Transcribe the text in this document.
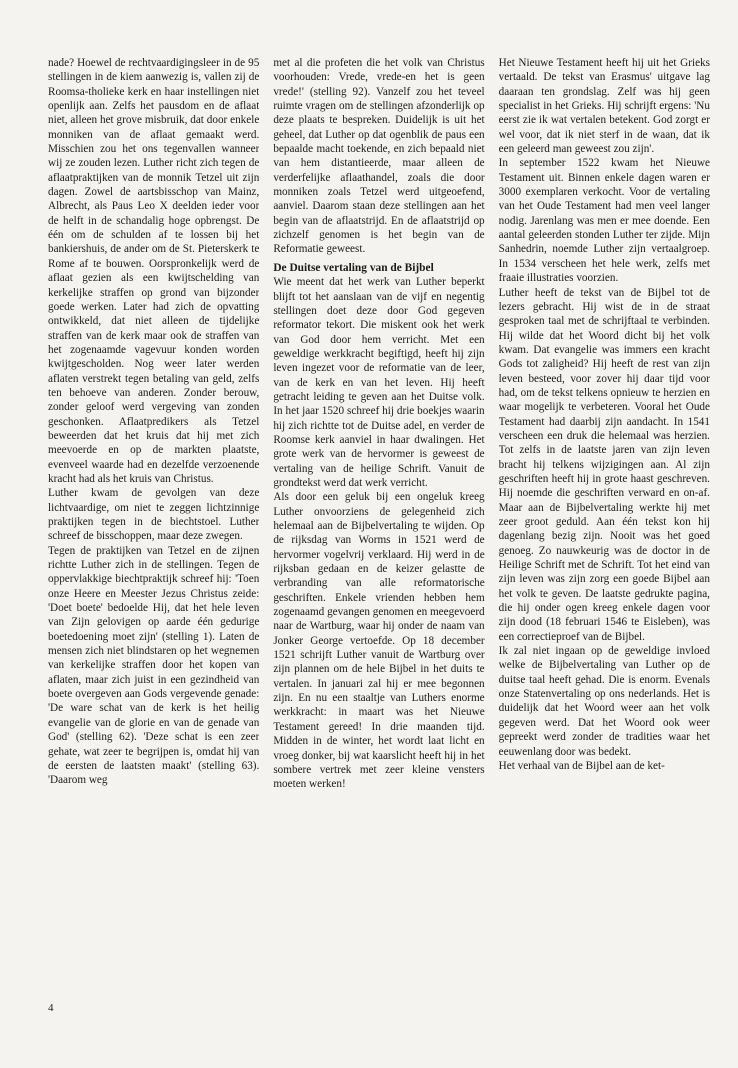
nade? Hoewel de rechtvaardigingsleer in de 95 stellingen in de kiem aanwezig is, vallen zij de Roomsa-tholieke kerk en haar instellingen niet openlijk aan. Zelfs het pausdom en de aflaat niet, alleen het grove misbruik, dat door enkele monniken van de aflaat gemaakt werd. Misschien zou het ons tegenvallen wanneer wij ze zouden lezen. Luther richt zich tegen de aflaatpraktijken van de monnik Tetzel uit zijn dagen. Zowel de aartsbisschop van Mainz, Albrecht, als Paus Leo X deelden ieder voor de helft in de schandalig hoge opbrengst. De één om de schulden af te lossen bij het bankiershuis, de ander om de St. Pieterskerk te Rome af te bouwen. Oorspronkelijk werd de aflaat gezien als een kwijtschelding van kerkelijke straffen op grond van bijzonder goede werken. Later had zich de opvatting ontwikkeld, dat niet alleen de tijdelijke straffen van de kerk maar ook de straffen van het zogenaamde vagevuur konden worden kwijtgescholden. Nog weer later werden aflaten verstrekt tegen betaling van geld, zelfs ten behoeve van anderen. Zonder berouw, zonder geloof werd vergeving van zonden geschonken. Aflaatpredikers als Tetzel beweerden dat het kruis dat hij met zich meevoerde en op de markten plaatste, evenveel waarde had en dezelfde verzoenende kracht had als het kruis van Christus.

Luther kwam de gevolgen van deze lichtvaardige, om niet te zeggen lichtzinnige praktijken tegen in de biechtstoel. Luther schreef de bisschoppen, maar deze zwegen.

Tegen de praktijken van Tetzel en de zijnen richtte Luther zich in de stellingen. Tegen de oppervlakkige biechtpraktijk schreef hij: 'Toen onze Heere en Meester Jezus Christus zeide: 'Doet boete' bedoelde Hij, dat het hele leven van Zijn gelovigen op aarde één gedurige boetedoening moet zijn' (stelling 1). Laten de mensen zich niet blindstaren op het wegnemen van kerkelijke straffen door het kopen van aflaten, maar zich juist in een gezindheid van boete overgeven aan Gods vergevende genade: 'De ware schat van de kerk is het heilig evangelie van de glorie en van de genade van God' (stelling 62). 'Deze schat is een zeer gehate, wat zeer te begrijpen is, omdat hij van de eersten de laatsten maakt' (stelling 63). 'Daarom weg

met al die profeten die het volk van Christus voorhouden: Vrede, vrede-en het is geen vrede!' (stelling 92). Vanzelf zou het teveel ruimte vragen om de stellingen afzonderlijk op deze plaats te bespreken. Duidelijk is uit het geheel, dat Luther op dat ogenblik de paus een bepaalde macht toekende, en zich bepaald niet van hem distantieerde, maar alleen de verderfelijke aflaathandel, zoals die door monniken zoals Tetzel werd uitgeoefend, aanviel. Daarom staan deze stellingen aan het begin van de aflaatstrijd. En de aflaatstrijd op zichzelf genomen is het begin van de Reformatie geweest.

De Duitse vertaling van de Bijbel

Wie meent dat het werk van Luther beperkt blijft tot het aanslaan van de vijf en negentig stellingen doet deze door God gegeven reformator tekort. Die miskent ook het werk van God door hem verricht. Met een geweldige werkkracht begiftigd, heeft hij zijn leven ingezet voor de reformatie van de leer, van de kerk en van het leven. Hij heeft getracht leiding te geven aan het Duitse volk. In het jaar 1520 schreef hij drie boekjes waarin hij zich richtte tot de Duitse adel, en verder de Roomse kerk aanviel in haar dwalingen. Het grote werk van de hervormer is geweest de vertaling van de heilige Schrift. Vanuit de grondtekst werd dat werk verricht.

Als door een geluk bij een ongeluk kreeg Luther onvoorziens de gelegenheid zich helemaal aan de Bijbelvertaling te wijden. Op de rijksdag van Worms in 1521 werd de hervormer vogelvrij verklaard. Hij werd in de rijksban gedaan en de keizer gelastte de verbranding van alle reformatorische geschriften. Enkele vrienden hebben hem zogenaamd gevangen genomen en meegevoerd naar de Wartburg, waar hij onder de naam van Jonker George vertoefde. Op 18 december 1521 schrijft Luther vanuit de Wartburg over zijn plannen om de hele Bijbel in het duits te vertalen. In januari zal hij er mee begonnen zijn. En nu een staaltje van Luthers enorme werkkracht: in maart was het Nieuwe Testament gereed! In drie maanden tijd. Midden in de winter, het wordt laat licht en vroeg donker, bij wat kaarslicht heeft hij in het sombere vertrek met zeer kleine vensters moeten werken!

Het Nieuwe Testament heeft hij uit het Grieks vertaald. De tekst van Erasmus' uitgave lag daaraan ten grondslag. Zelf was hij geen specialist in het Grieks. Hij schrijft ergens: 'Nu eerst zie ik wat vertalen betekent. God zorgt er wel voor, dat ik niet sterf in de waan, dat ik een geleerd man geweest zou zijn'.

In september 1522 kwam het Nieuwe Testament uit. Binnen enkele dagen waren er 3000 exemplaren verkocht. Voor de vertaling van het Oude Testament had men veel langer nodig. Jarenlang was men er mee doende. Een aantal geleerden stonden Luther ter zijde. Mijn Sanhedrin, noemde Luther zijn vertaalgroep. In 1534 verscheen het hele werk, zelfs met fraaie illustraties voorzien.

Luther heeft de tekst van de Bijbel tot de lezers gebracht. Hij wist de in de straat gesproken taal met de schrijftaal te verbinden. Hij wilde dat het Woord dicht bij het volk kwam. Dat evangelie was immers een kracht Gods tot zaligheid? Hij heeft de rest van zijn leven besteed, voor zover hij daar tijd voor had, om de tekst telkens opnieuw te herzien en waar mogelijk te verbeteren. Vooral het Oude Testament had daarbij zijn aandacht. In 1541 verscheen een druk die helemaal was herzien. Tot zelfs in de laatste jaren van zijn leven bracht hij telkens wijzigingen aan. Al zijn geschriften heeft hij in grote haast geschreven. Hij noemde die geschriften verward en on-af. Maar aan de Bijbelvertaling werkte hij met zeer groot geduld. Aan één tekst kon hij dagenlang bezig zijn. Nooit was het goed genoeg. Zo nauwkeurig was de doctor in de Heilige Schrift met de Schrift. Tot het eind van zijn leven was zijn zorg een goede Bijbel aan het volk te geven. De laatste gedrukte pagina, die hij onder ogen kreeg enkele dagen voor zijn dood (18 februari 1546 te Eisleben), was een correctieproef van de Bijbel.

Ik zal niet ingaan op de geweldige invloed welke de Bijbelvertaling van Luther op de duitse taal heeft gehad. Die is enorm. Evenals onze Statenvertaling op ons nederlands. Het is duidelijk dat het Woord weer aan het volk gegeven werd. Dat het Woord ook weer gepreekt werd zonder de tradities waar het eeuwenlang door was bedekt.

Het verhaal van de Bijbel aan de ket-

4
